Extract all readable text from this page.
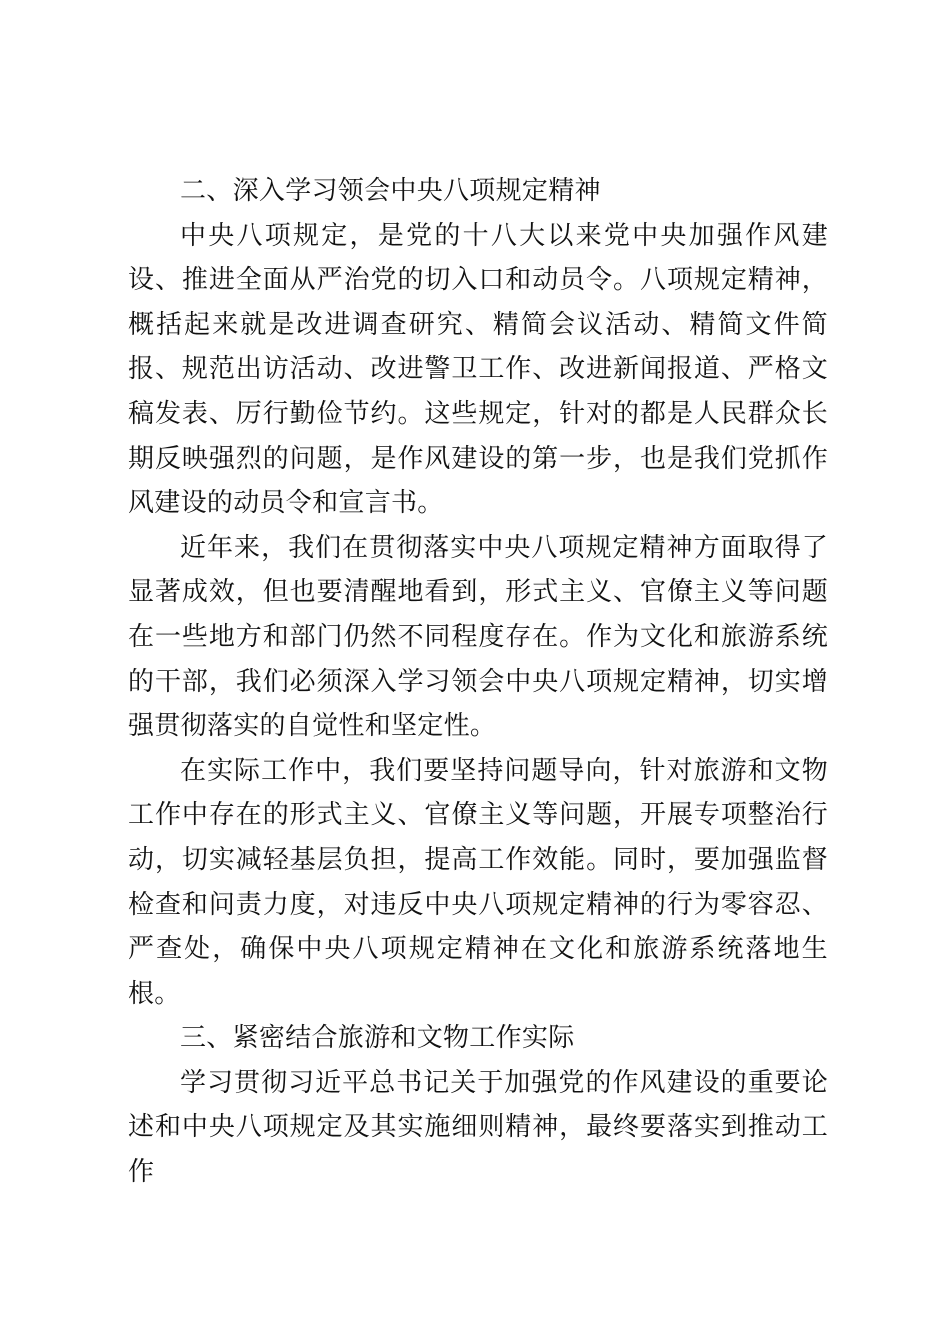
二、深入学习领会中央八项规定精神

中央八项规定，是党的十八大以来党中央加强作风建设、推进全面从严治党的切入口和动员令。八项规定精神，概括起来就是改进调查研究、精简会议活动、精简文件简报、规范出访活动、改进警卫工作、改进新闻报道、严格文稿发表、厉行勤俭节约。这些规定，针对的都是人民群众长期反映强烈的问题，是作风建设的第一步，也是我们党抓作风建设的动员令和宣言书。

近年来，我们在贯彻落实中央八项规定精神方面取得了显著成效，但也要清醒地看到，形式主义、官僚主义等问题在一些地方和部门仍然不同程度存在。作为文化和旅游系统的干部，我们必须深入学习领会中央八项规定精神，切实增强贯彻落实的自觉性和坚定性。

在实际工作中，我们要坚持问题导向，针对旅游和文物工作中存在的形式主义、官僚主义等问题，开展专项整治行动，切实减轻基层负担，提高工作效能。同时，要加强监督检查和问责力度，对违反中央八项规定精神的行为零容忍、严查处，确保中央八项规定精神在文化和旅游系统落地生根。

三、紧密结合旅游和文物工作实际

学习贯彻习近平总书记关于加强党的作风建设的重要论述和中央八项规定及其实施细则精神，最终要落实到推动工作
